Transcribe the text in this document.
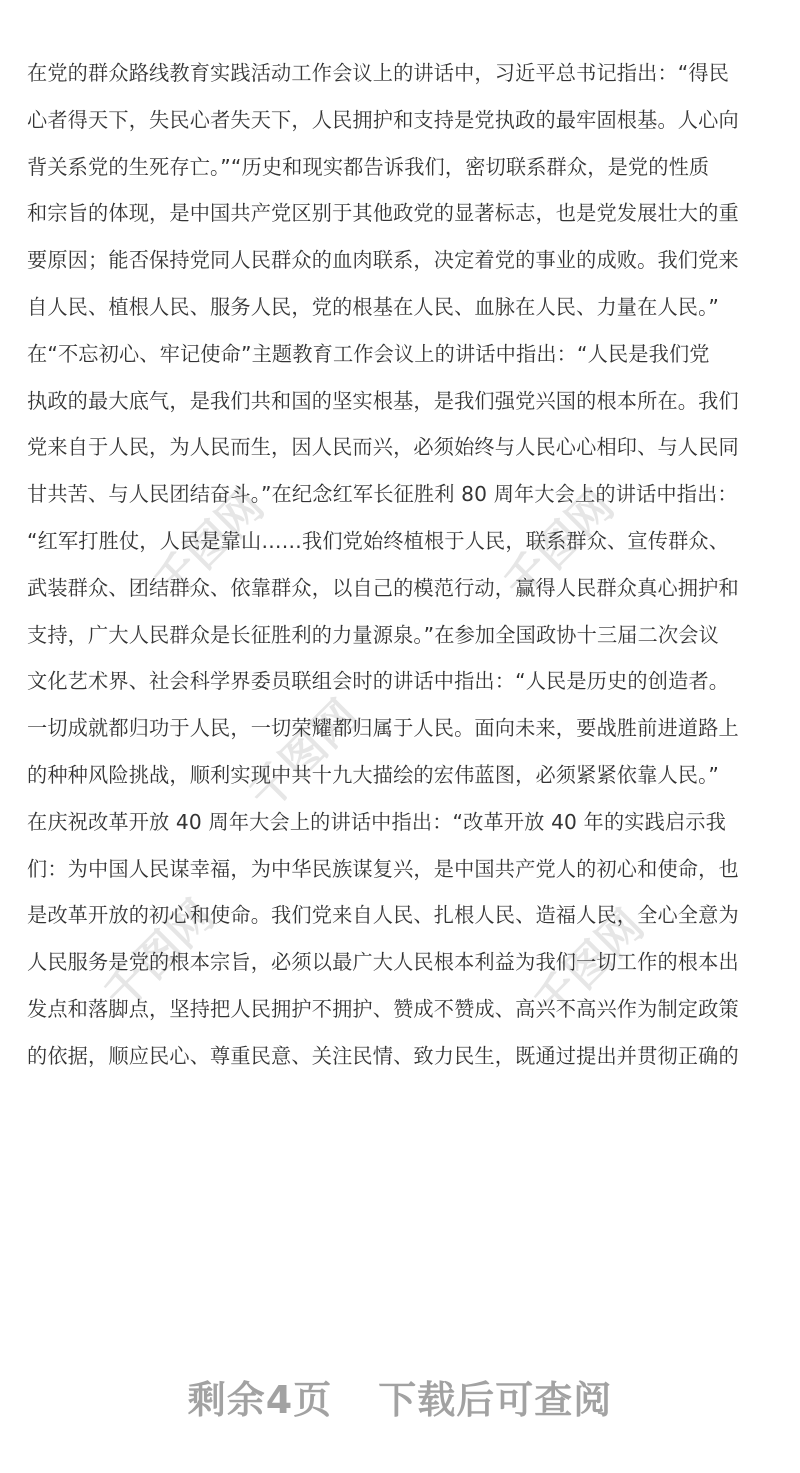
千图网	千图网
千图网
千图网	千图网
在党的群众路线教育实践活动工作会议上的讲话中，习近平总书记指出：“得民
心者得天下，失民心者失天下，人民拥护和支持是党执政的最牢固根基。人心向
背关系党的生死存亡。”“历史和现实都告诉我们，密切联系群众，是党的性质
和宗旨的体现，是中国共产党区别于其他政党的显著标志，也是党发展壮大的重
要原因；能否保持党同人民群众的血肉联系，决定着党的事业的成败。我们党来
自人民、植根人民、服务人民，党的根基在人民、血脉在人民、力量在人民。”
在“不忘初心、牢记使命”主题教育工作会议上的讲话中指出：“人民是我们党
执政的最大底气，是我们共和国的坚实根基，是我们强党兴国的根本所在。我们
党来自于人民，为人民而生，因人民而兴，必须始终与人民心心相印、与人民同
甘共苦、与人民团结奋斗。”在纪念红军长征胜利 80 周年大会上的讲话中指出：
“红军打胜仗，人民是靠山……我们党始终植根于人民，联系群众、宣传群众、
武装群众、团结群众、依靠群众，以自己的模范行动，赢得人民群众真心拥护和
支持，广大人民群众是长征胜利的力量源泉。”在参加全国政协十三届二次会议
文化艺术界、社会科学界委员联组会时的讲话中指出：“人民是历史的创造者。
一切成就都归功于人民，一切荣耀都归属于人民。面向未来，要战胜前进道路上
的种种风险挑战，顺利实现中共十九大描绘的宏伟蓝图，必须紧紧依靠人民。”
在庆祝改革开放 40 周年大会上的讲话中指出：“改革开放 40 年的实践启示我
们：为中国人民谋幸福，为中华民族谋复兴，是中国共产党人的初心和使命，也
是改革开放的初心和使命。我们党来自人民、扎根人民、造福人民，全心全意为
人民服务是党的根本宗旨，必须以最广大人民根本利益为我们一切工作的根本出
发点和落脚点，坚持把人民拥护不拥护、赞成不赞成、高兴不高兴作为制定政策
的依据，顺应民心、尊重民意、关注民情、致力民生，既通过提出并贯彻正确的
剩余4页 下载后可查阅
